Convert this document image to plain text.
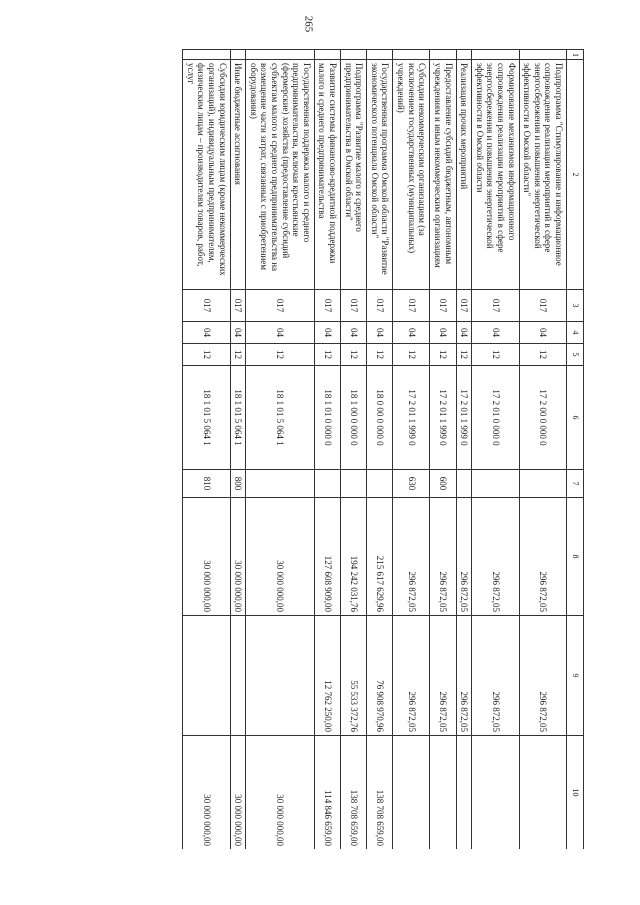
265
1	2	3	4	5	6	7	8	9	10
	Подпрограмма "Стимулирование и информационное сопровождение реализации мероприятий в сфере энергосбережения и повышения энергетической эффективности в Омской области"	017	04	12	17 2 00 0 000 0		296 872,05	296 872,05	
	Формирование механизмов информационного сопровождения реализации мероприятий в сфере энергосбережения и повышения энергетической эффективности в Омской области	017	04	12	17 2 01 0 000 0		296 872,05	296 872,05	
	Реализация прочих мероприятий	017	04	12	17 2 01 1 999 0		296 872,05	296 872,05	
	Предоставление субсидий бюджетным, автономным учреждениям и иным некоммерческим организациям	017	04	12	17 2 01 1 999 0	600	296 872,05	296 872,05	
	Субсидии некоммерческим организациям (за исключением государственных (муниципальных) учреждений)	017	04	12	17 2 01 1 999 0	630	296 872,05	296 872,05	
	Государственная программа Омской области "Развитие экономического потенциала Омской области"	017	04	12	18 0 00 0 000 0		215 617 629,96	76 908 970,96	138 708 659,00
	Подпрограмма "Развитие малого и среднего предпринимательства в Омской области"	017	04	12	18 1 00 0 000 0		194 242 031,76	55 533 372,76	138 708 659,00
	Развитие системы финансово-кредитной поддержки малого и среднего предпринимательства	017	04	12	18 1 01 0 000 0		127 608 909,00	12 762 250,00	114 846 659,00
	Государственная поддержка малого и среднего предпринимательства, включая крестьянские (фермерские) хозяйства (предоставление субсидий субъектам малого и среднего предпринимательства на возмещение части затрат, связанных с приобретением оборудования)	017	04	12	18 1 01 5 064 1		30 000 000,00		30 000 000,00
	Иные бюджетные ассигнования	017	04	12	18 1 01 5 064 1	800	30 000 000,00		30 000 000,00
	Субсидии юридическим лицам (кроме некоммерческих организаций), индивидуальным предпринимателям, физическим лицам – производителям товаров, работ, услуг	017	04	12	18 1 01 5 064 1	810	30 000 000,00		30 000 000,00
